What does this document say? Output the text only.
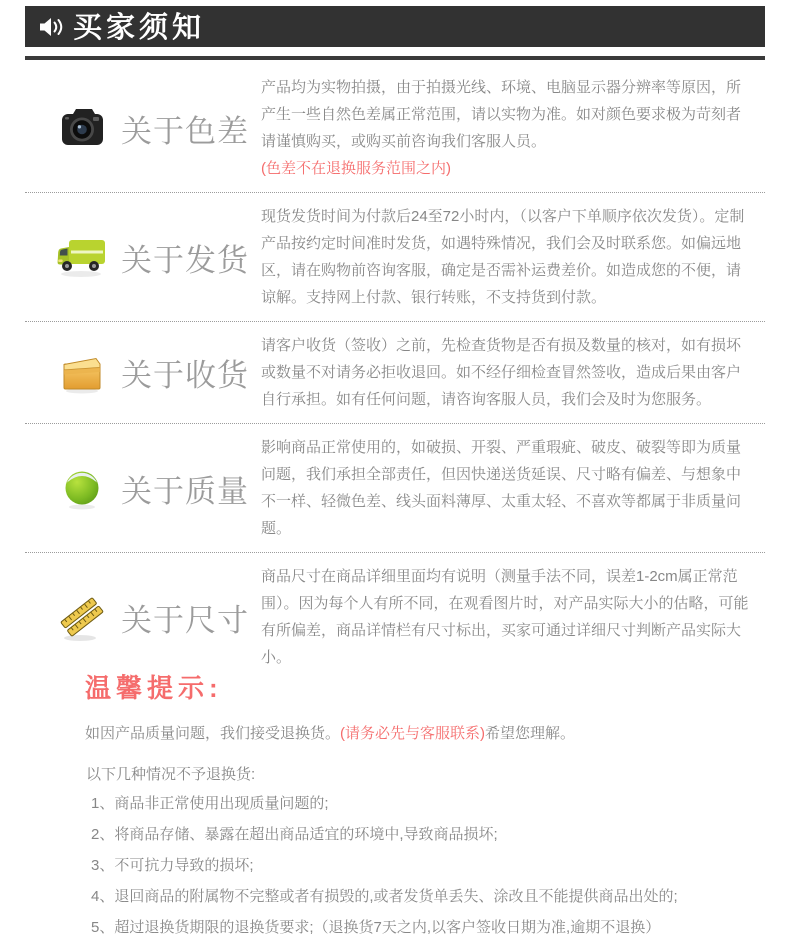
买家须知
关于色差

产品均为实物拍摄，由于拍摄光线、环境、电脑显示器分辨率等原因，所产生一些自然色差属正常范围，请以实物为准。如对颜色要求极为苛刻者请谨慎购买，或购买前咨询我们客服人员。

(色差不在退换服务范围之内)

关于发货

现货发货时间为付款后24至72小时内，（以客户下单顺序依次发货）。定制产品按约定时间准时发货，如遇特殊情况，我们会及时联系您。如偏远地区，请在购物前咨询客服，确定是否需补运费差价。如造成您的不便，请谅解。支持网上付款、银行转账，不支持货到付款。

关于收货

请客户收货（签收）之前，先检查货物是否有损及数量的核对，如有损坏或数量不对请务必拒收退回。如不经仔细检查冒然签收，造成后果由客户自行承担。如有任何问题，请咨询客服人员，我们会及时为您服务。

关于质量

影响商品正常使用的，如破损、开裂、严重瑕疵、破皮、破裂等即为质量问题，我们承担全部责任，但因快递送货延误、尺寸略有偏差、与想象中不一样、轻微色差、线头面料薄厚、太重太轻、不喜欢等都属于非质量问题。

关于尺寸

商品尺寸在商品详细里面均有说明（测量手法不同，误差1-2cm属正常范围）。因为每个人有所不同，在观看图片时，对产品实际大小的估略，可能有所偏差，商品详情栏有尺寸标出，买家可通过详细尺寸判断产品实际大小。

温馨提示:

如因产品质量问题，我们接受退换货。(请务必先与客服联系)希望您理解。

以下几种情况不予退换货:
1、商品非正常使用出现质量问题的;
2、将商品存储、暴露在超出商品适宜的环境中,导致商品损坏;
3、不可抗力导致的损坏;
4、退回商品的附属物不完整或者有损毁的,或者发货单丢失、涂改且不能提供商品出处的;
5、超过退换货期限的退换货要求;（退换货7天之内,以客户签收日期为准,逾期不退换）
